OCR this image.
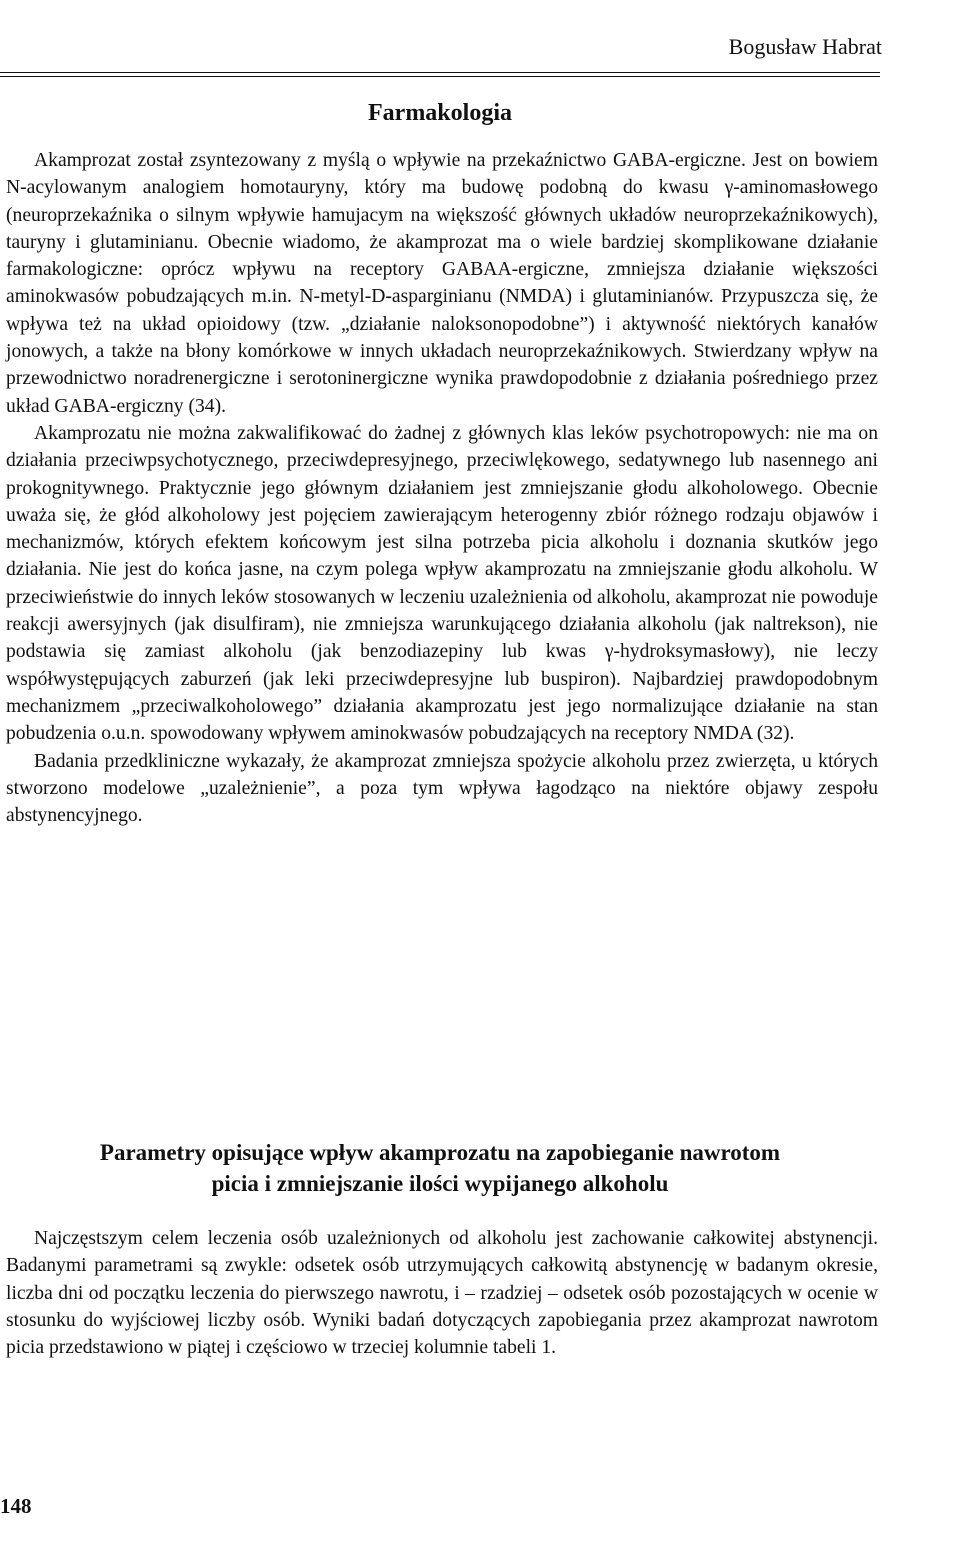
Bogusław Habrat
Farmakologia

Akamprozat został zsyntezowany z myślą o wpływie na przekaźnictwo GABA-ergiczne. Jest on bowiem N-acylowanym analogiem homotauryny, który ma budowę podobną do kwasu γ-aminomasłowego (neuroprzekaźnika o silnym wpływie hamujacym na większość głównych układów neuroprzekaźnikowych), tauryny i glutaminianu. Obecnie wiadomo, że akamprozat ma o wiele bardziej skomplikowane działanie farmakologiczne: oprócz wpływu na receptory GABAA-ergiczne, zmniejsza działanie większości aminokwasów pobudzających m.in. N-metyl-D-asparginianu (NMDA) i glutaminianów. Przypuszcza się, że wpływa też na układ opioidowy (tzw. „działanie naloksonopodobne”) i aktywność niektórych kanałów jonowych, a także na błony komórkowe w innych układach neuroprzekaźnikowych. Stwierdzany wpływ na przewodnictwo noradrenergiczne i serotoninergiczne wynika prawdopodobnie z działania pośredniego przez układ GABA-ergiczny (34).

Akamprozatu nie można zakwalifikować do żadnej z głównych klas leków psychotropowych: nie ma on działania przeciwpsychotycznego, przeciwdepresyjnego, przeciwlękowego, sedatywnego lub nasennego ani prokognitywnego. Praktycznie jego głównym działaniem jest zmniejszanie głodu alkoholowego. Obecnie uważa się, że głód alkoholowy jest pojęciem zawierającym heterogenny zbiór różnego rodzaju objawów i mechanizmów, których efektem końcowym jest silna potrzeba picia alkoholu i doznania skutków jego działania. Nie jest do końca jasne, na czym polega wpływ akamprozatu na zmniejszanie głodu alkoholu. W przeciwieństwie do innych leków stosowanych w leczeniu uzależnienia od alkoholu, akamprozat nie powoduje reakcji awersyjnych (jak disulfiram), nie zmniejsza warunkującego działania alkoholu (jak naltrekson), nie podstawia się zamiast alkoholu (jak benzodiazepiny lub kwas γ-hydroksymasłowy), nie leczy współwystępujących zaburzeń (jak leki przeciwdepresyjne lub buspiron). Najbardziej prawdopodobnym mechanizmem „przeciwalkoholowego” działania akamprozatu jest jego normalizujące działanie na stan pobudzenia o.u.n. spowodowany wpływem aminokwasów pobudzających na receptory NMDA (32).

Badania przedkliniczne wykazały, że akamprozat zmniejsza spożycie alkoholu przez zwierzęta, u których stworzono modelowe „uzależnienie”, a poza tym wpływa łagodząco na niektóre objawy zespołu abstynencyjnego.

Parametry opisujące wpływ akamprozatu na zapobieganie nawrotom
picia i zmniejszanie ilości wypijanego alkoholu

Najczęstszym celem leczenia osób uzależnionych od alkoholu jest zachowanie całkowitej abstynencji. Badanymi parametrami są zwykle: odsetek osób utrzymujących całkowitą abstynencję w badanym okresie, liczba dni od początku leczenia do pierwszego nawrotu, i – rzadziej – odsetek osób pozostających w ocenie w stosunku do wyjściowej liczby osób. Wyniki badań dotyczących zapobiegania przez akamprozat nawrotom picia przedstawiono w piątej i częściowo w trzeciej kolumnie tabeli 1.

148
